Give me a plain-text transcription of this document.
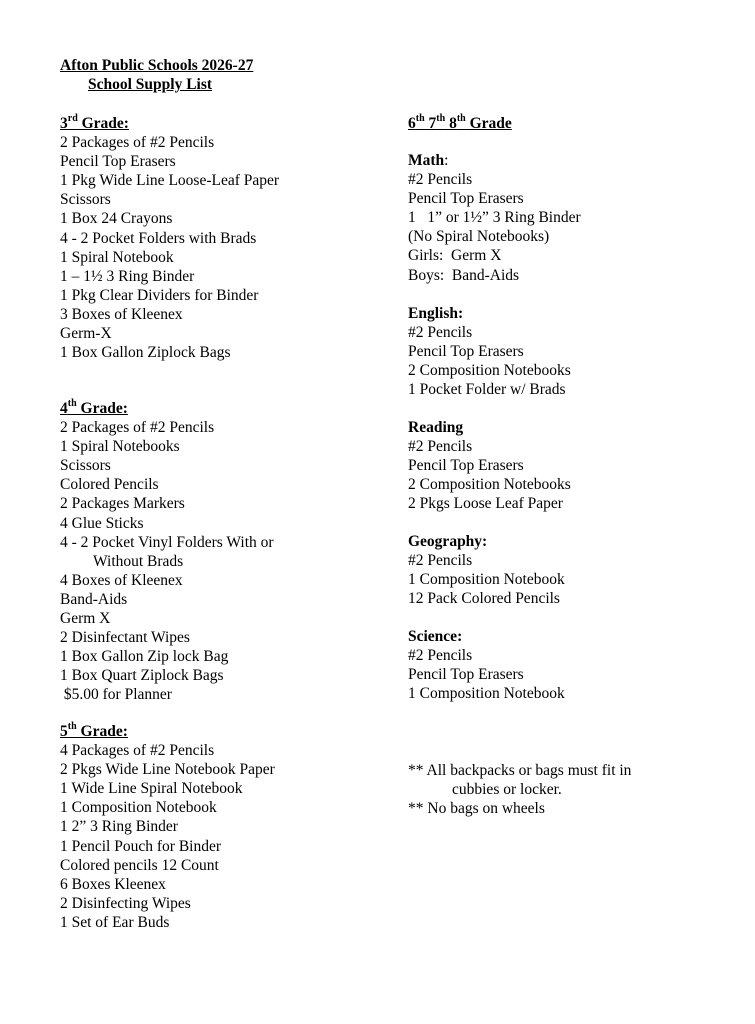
Afton Public Schools 2026-27
School Supply List
3rd Grade:
2 Packages of #2 Pencils
Pencil Top Erasers
1 Pkg Wide Line Loose-Leaf Paper
Scissors
1 Box 24 Crayons
4 - 2 Pocket Folders with Brads
1 Spiral Notebook
1 – 1½ 3 Ring Binder
1 Pkg Clear Dividers for Binder
3 Boxes of Kleenex
Germ-X
1 Box Gallon Ziplock Bags
4th Grade:
2 Packages of #2 Pencils
1 Spiral Notebooks
Scissors
Colored Pencils
2 Packages Markers
4 Glue Sticks
4 - 2 Pocket Vinyl Folders With or
Without Brads
4 Boxes of Kleenex
Band-Aids
Germ X
2 Disinfectant Wipes
1 Box Gallon Zip lock Bag
1 Box Quart Ziplock Bags
$5.00 for Planner
5th Grade:
4 Packages of #2 Pencils
2 Pkgs Wide Line Notebook Paper
1 Wide Line Spiral Notebook
1 Composition Notebook
1 2” 3 Ring Binder
1 Pencil Pouch for Binder
Colored pencils 12 Count
6 Boxes Kleenex
2 Disinfecting Wipes
1 Set of Ear Buds
6th 7th 8th Grade
Math:
#2 Pencils
Pencil Top Erasers
1   1” or 1½” 3 Ring Binder
(No Spiral Notebooks)
Girls:  Germ X
Boys:  Band-Aids
English:
#2 Pencils
Pencil Top Erasers
2 Composition Notebooks
1 Pocket Folder w/ Brads
Reading
#2 Pencils
Pencil Top Erasers
2 Composition Notebooks
2 Pkgs Loose Leaf Paper
Geography:
#2 Pencils
1 Composition Notebook
12 Pack Colored Pencils
Science:
#2 Pencils
Pencil Top Erasers
1 Composition Notebook
** All backpacks or bags must fit in
cubbies or locker.
** No bags on wheels
